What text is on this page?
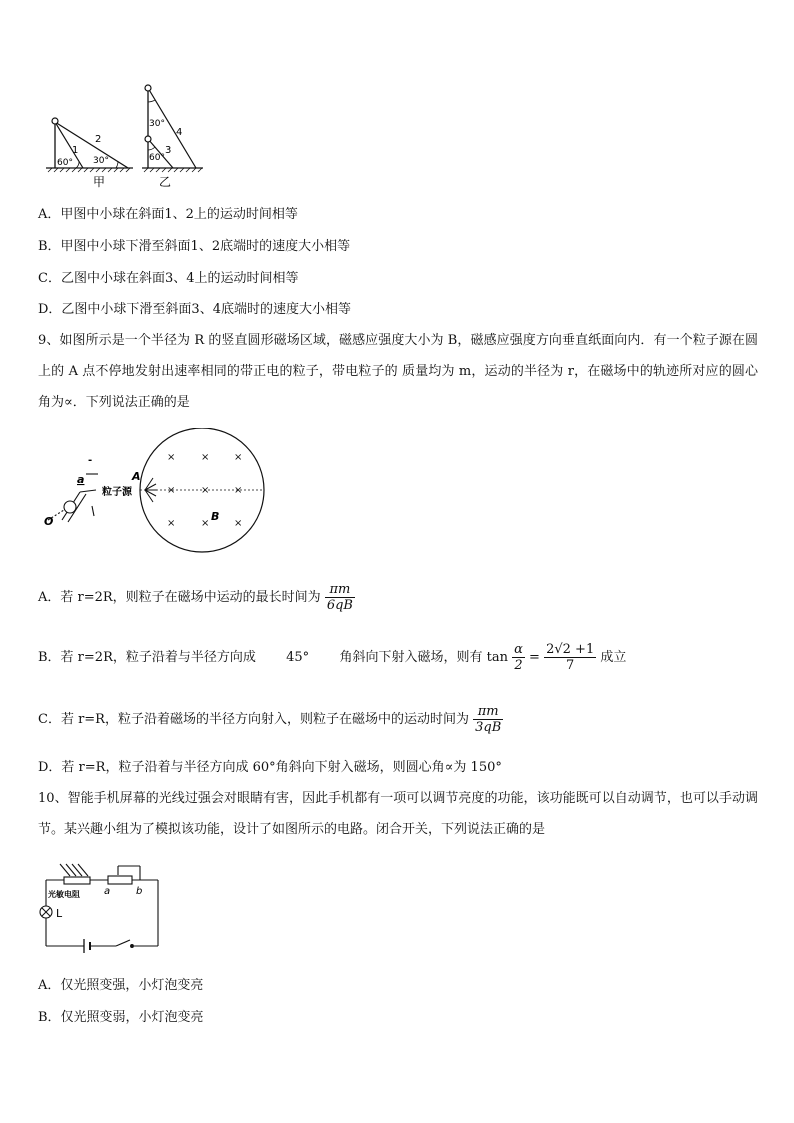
1
2
60° 30°
甲
30°
60°
3
4
乙
A．甲图中小球在斜面1、2上的运动时间相等
B．甲图中小球下滑至斜面1、2底端时的速度大小相等
C．乙图中小球在斜面3、4上的运动时间相等
D．乙图中小球下滑至斜面3、4底端时的速度大小相等
9、如图所示是一个半径为 R 的竖直圆形磁场区域，磁感应强度大小为 B，磁感应强度方向垂直纸面向内．有一个粒子源在圆上的 A 点不停地发射出速率相同的带正电的粒子，带电粒子的 质量均为 m，运动的半径为 r，在磁场中的轨迹所对应的圆心角为∝．下列说法正确的是
×	× ×
×	× ×
×	× ×
B
A
粒子源
a
-
O
A．若 r=2R，则粒子在磁场中运动的最长时间为 $\frac{\pi m}{6qB}$
B．若 r=2R，粒子沿着与半径方向成 45° 角斜向下射入磁场，则有 $\tan \frac{\alpha}{2} = \frac{2√2 +1}{7}$ 成立
C．若 r=R，粒子沿着磁场的半径方向射入，则粒子在磁场中的运动时间为 $\frac{\pi m}{3qB}$
D．若 r=R，粒子沿着与半径方向成 60°角斜向下射入磁场，则圆心角∝为 150°
10、智能手机屏幕的光线过强会对眼睛有害，因此手机都有一项可以调节亮度的功能，该功能既可以自动调节，也可以手动调节。某兴趣小组为了模拟该功能，设计了如图所示的电路。闭合开关，下列说法正确的是
光敏电阻 a	b
L
A．仅光照变强，小灯泡变亮
B．仅光照变弱，小灯泡变亮
